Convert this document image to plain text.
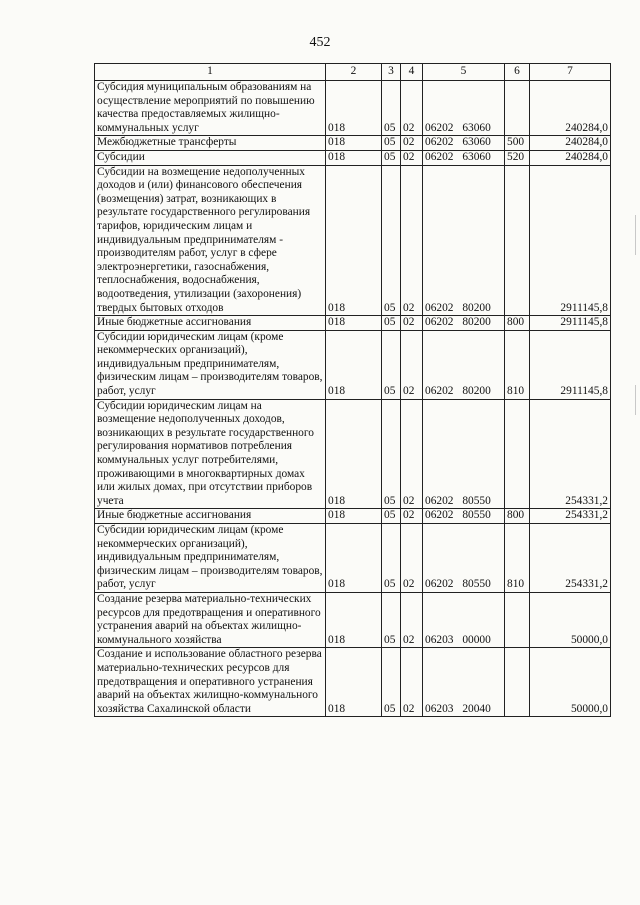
452
1	2	3	4	5	6	7
Субсидия муниципальным образованиям на осуществление мероприятий по повышению качества предоставляемых жилищно-коммунальных услуг	018	05	02	06202 63060		240284,0
Межбюджетные трансферты	018	05	02	06202 63060	500	240284,0
Субсидии	018	05	02	06202 63060	520	240284,0
Субсидии на возмещение недополученных доходов и (или) финансового обеспечения (возмещения) затрат, возникающих в результате государственного регулирования тарифов, юридическим лицам и индивидуальным предпринимателям - производителям работ, услуг в сфере электроэнергетики, газоснабжения, теплоснабжения, водоснабжения, водоотведения, утилизации (захоронения) твердых бытовых отходов	018	05	02	06202 80200		2911145,8
Иные бюджетные ассигнования	018	05	02	06202 80200	800	2911145,8
Субсидии юридическим лицам (кроме некоммерческих организаций), индивидуальным предпринимателям, физическим лицам – производителям товаров, работ, услуг	018	05	02	06202 80200	810	2911145,8
Субсидии юридическим лицам на возмещение недополученных доходов, возникающих в результате государственного регулирования нормативов потребления коммунальных услуг потребителями, проживающими в многоквартирных домах или жилых домах, при отсутствии приборов учета	018	05	02	06202 80550		254331,2
Иные бюджетные ассигнования	018	05	02	06202 80550	800	254331,2
Субсидии юридическим лицам (кроме некоммерческих организаций), индивидуальным предпринимателям, физическим лицам – производителям товаров, работ, услуг	018	05	02	06202 80550	810	254331,2
Создание резерва материально-технических ресурсов для предотвращения и оперативного устранения аварий на объектах жилищно-коммунального хозяйства	018	05	02	06203 00000		50000,0
Создание и использование областного резерва материально-технических ресурсов для предотвращения и оперативного устранения аварий на объектах жилищно-коммунального хозяйства Сахалинской области	018	05	02	06203 20040		50000,0
